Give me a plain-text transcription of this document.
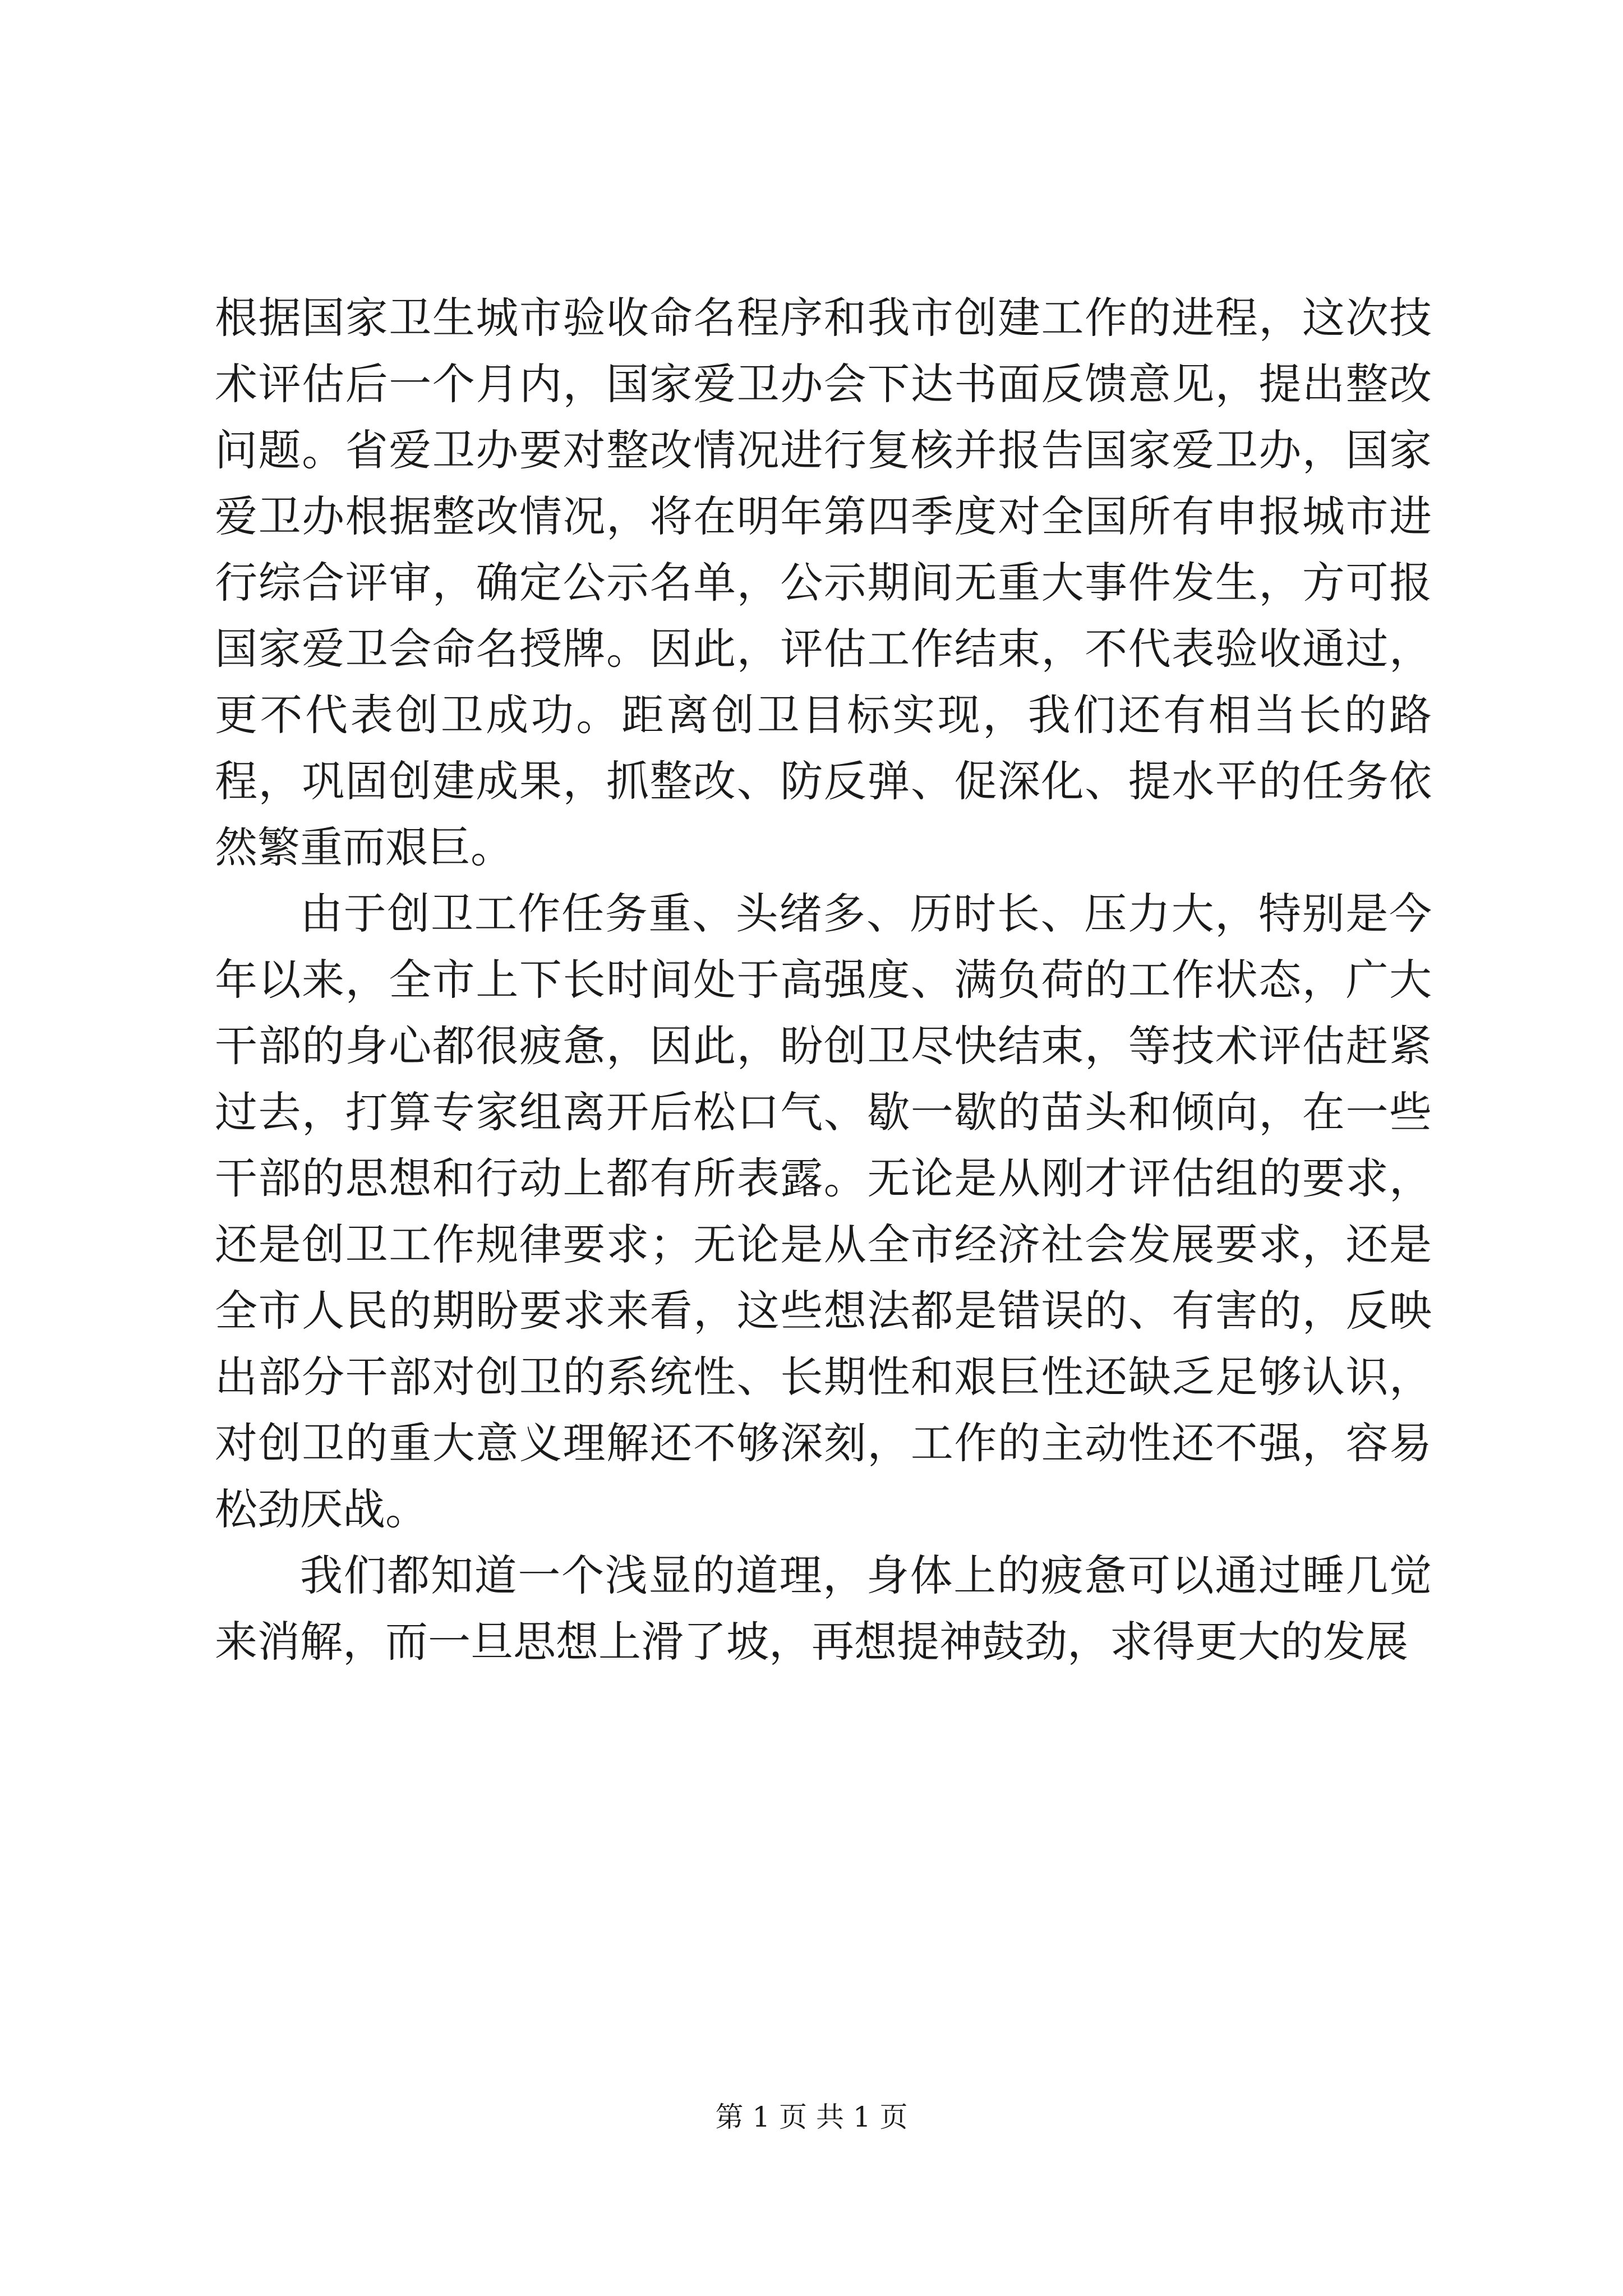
根据国家卫生城市验收命名程序和我市创建工作的进程，这次技术评估后一个月内，国家爱卫办会下达书面反馈意见，提出整改问题。省爱卫办要对整改情况进行复核并报告国家爱卫办，国家爱卫办根据整改情况，将在明年第四季度对全国所有申报城市进行综合评审，确定公示名单，公示期间无重大事件发生，方可报国家爱卫会命名授牌。因此，评估工作结束，不代表验收通过，更不代表创卫成功。距离创卫目标实现，我们还有相当长的路程，巩固创建成果，抓整改、防反弹、促深化、提水平的任务依然繁重而艰巨。

由于创卫工作任务重、头绪多、历时长、压力大，特别是今年以来，全市上下长时间处于高强度、满负荷的工作状态，广大干部的身心都很疲惫，因此，盼创卫尽快结束，等技术评估赶紧过去，打算专家组离开后松口气、歇一歇的苗头和倾向，在一些干部的思想和行动上都有所表露。无论是从刚才评估组的要求，还是创卫工作规律要求；无论是从全市经济社会发展要求，还是全市人民的期盼要求来看，这些想法都是错误的、有害的，反映出部分干部对创卫的系统性、长期性和艰巨性还缺乏足够认识，对创卫的重大意义理解还不够深刻，工作的主动性还不强，容易松劲厌战。

我们都知道一个浅显的道理，身体上的疲惫可以通过睡几觉来消解，而一旦思想上滑了坡，再想提神鼓劲，求得更大的发展

第 1 页 共 1 页
